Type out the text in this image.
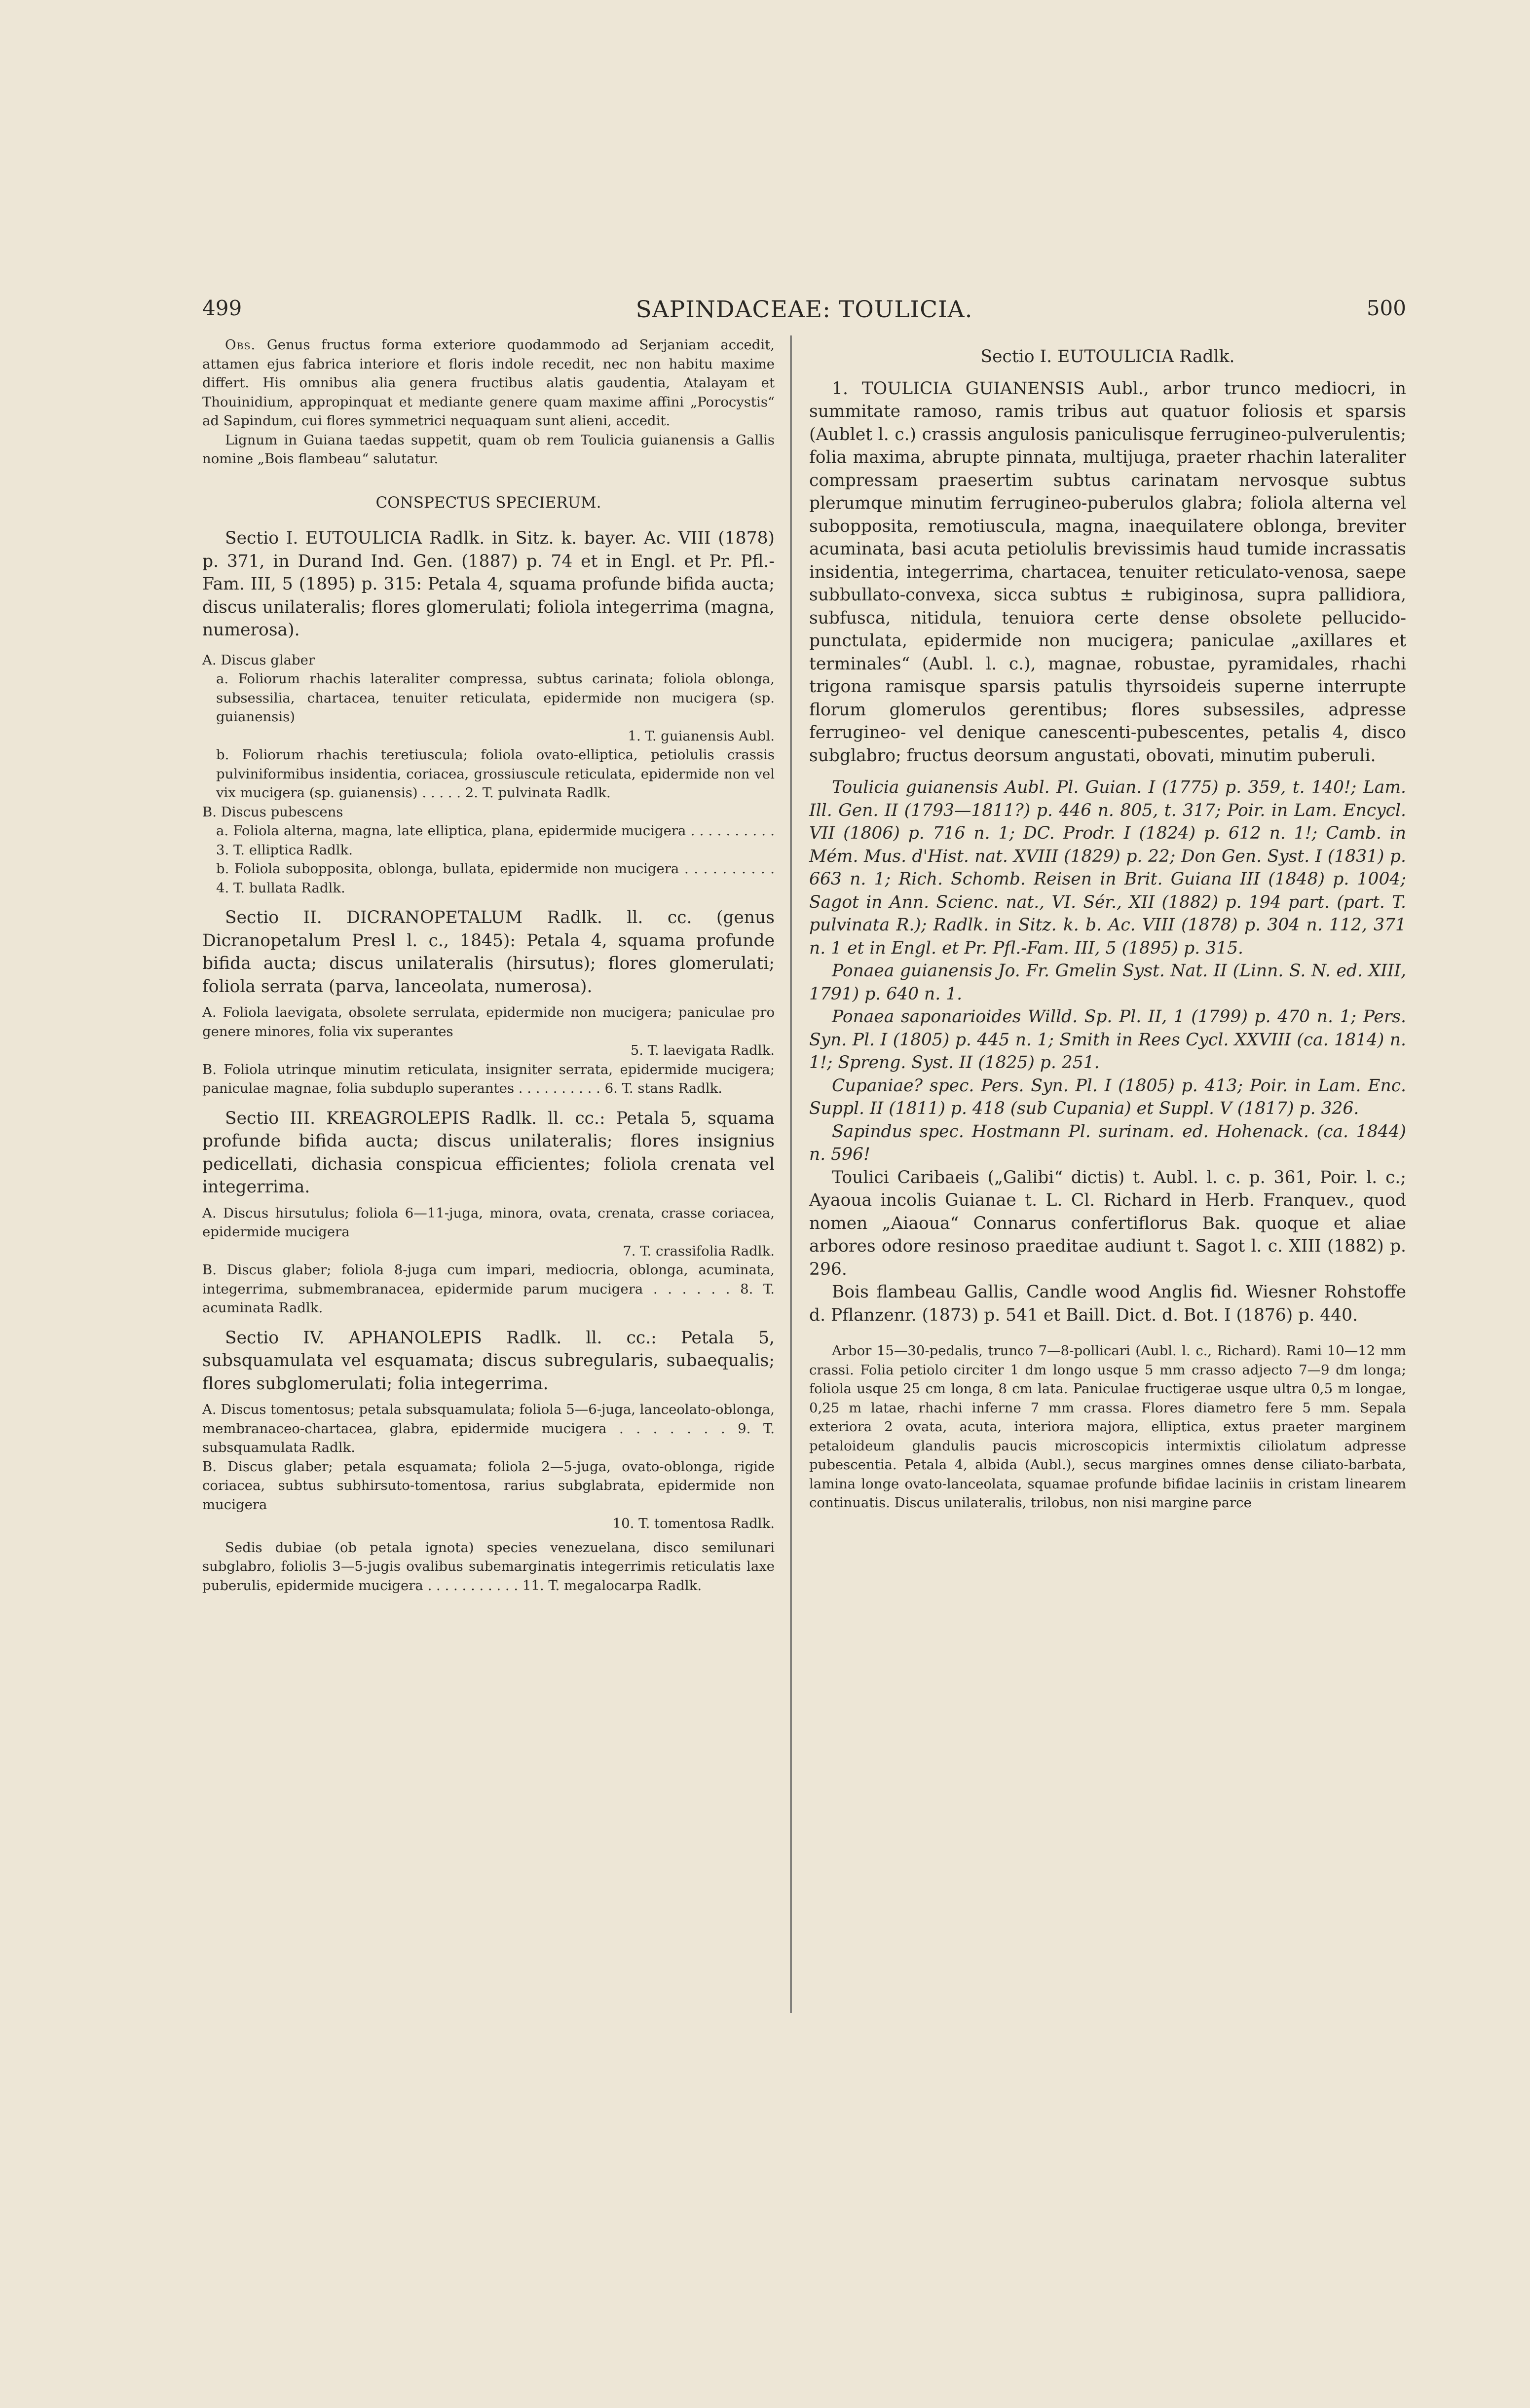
499	SAPINDACEAE: TOULICIA.	500

Obs. Genus fructus forma exteriore quodammodo ad Serjaniam accedit, attamen ejus fabrica interiore et floris indole recedit, nec non habitu maxime differt. His omnibus alia genera fructibus alatis gaudentia, Atalayam et Thouinidium, appropinquat et mediante genere quam maxime affini „Porocystis“ ad Sapindum, cui flores symmetrici nequaquam sunt alieni, accedit.

Lignum in Guiana taedas suppetit, quam ob rem Toulicia guianensis a Gallis nomine „Bois flambeau“ salutatur.

CONSPECTUS SPECIERUM.

Sectio I. EUTOULICIA Radlk. in Sitz. k. bayer. Ac. VIII (1878) p. 371, in Durand Ind. Gen. (1887) p. 74 et in Engl. et Pr. Pfl.-Fam. III, 5 (1895) p. 315: Petala 4, squama profunde bifida aucta; discus unilateralis; flores glomerulati; foliola integerrima (magna, numerosa).

A. Discus glaber

a. Foliorum rhachis lateraliter compressa, subtus carinata; foliola oblonga, subsessilia, chartacea, tenuiter reticulata, epidermide non mucigera (sp. guianensis)

1. T. guianensis Aubl.

b. Foliorum rhachis teretiuscula; foliola ovato-elliptica, petiolulis crassis pulviniformibus insidentia, coriacea, grossiuscule reticulata, epidermide non vel vix mucigera (sp. guianensis) . . . . . 2. T. pulvinata Radlk.

B. Discus pubescens

a. Foliola alterna, magna, late elliptica, plana, epidermide mucigera . . . . . . . . . . 3. T. elliptica Radlk.

b. Foliola subopposita, oblonga, bullata, epidermide non mucigera . . . . . . . . . . 4. T. bullata Radlk.

Sectio II. DICRANOPETALUM Radlk. ll. cc. (genus Dicranopetalum Presl l. c., 1845): Petala 4, squama profunde bifida aucta; discus unilateralis (hirsutus); flores glomerulati; foliola serrata (parva, lanceolata, numerosa).

A. Foliola laevigata, obsolete serrulata, epidermide non mucigera; paniculae pro genere minores, folia vix superantes

5. T. laevigata Radlk.

B. Foliola utrinque minutim reticulata, insigniter serrata, epidermide mucigera; paniculae magnae, folia subduplo superantes . . . . . . . . . . 6. T. stans Radlk.

Sectio III. KREAGROLEPIS Radlk. ll. cc.: Petala 5, squama profunde bifida aucta; discus unilateralis; flores insignius pedicellati, dichasia conspicua efficientes; foliola crenata vel integerrima.

A. Discus hirsutulus; foliola 6—11-juga, minora, ovata, crenata, crasse coriacea, epidermide mucigera

7. T. crassifolia Radlk.

B. Discus glaber; foliola 8-juga cum impari, mediocria, oblonga, acuminata, integerrima, submembranacea, epidermide parum mucigera . . . . . . 8. T. acuminata Radlk.

Sectio IV. APHANOLEPIS Radlk. ll. cc.: Petala 5, subsquamulata vel esquamata; discus subregularis, subaequalis; flores subglomerulati; folia integerrima.

A. Discus tomentosus; petala subsquamulata; foliola 5—6-juga, lanceolato-oblonga, membranaceo-chartacea, glabra, epidermide mucigera . . . . . . . 9. T. subsquamulata Radlk.

B. Discus glaber; petala esquamata; foliola 2—5-juga, ovato-oblonga, rigide coriacea, subtus subhirsuto-tomentosa, rarius subglabrata, epidermide non mucigera

10. T. tomentosa Radlk.

Sedis dubiae (ob petala ignota) species venezuelana, disco semilunari subglabro, foliolis 3—5-jugis ovalibus subemarginatis integerrimis reticulatis laxe puberulis, epidermide mucigera . . . . . . . . . . . 11. T. megalocarpa Radlk.

Sectio I. EUTOULICIA Radlk.

1. TOULICIA GUIANENSIS Aubl., arbor trunco mediocri, in summitate ramoso, ramis tribus aut quatuor foliosis et sparsis (Aublet l. c.) crassis angulosis paniculisque ferrugineo-pulverulentis; folia maxima, abrupte pinnata, multijuga, praeter rhachin lateraliter compressam praesertim subtus carinatam nervosque subtus plerumque minutim ferrugineo-puberulos glabra; foliola alterna vel subopposita, remotiuscula, magna, inaequilatere oblonga, breviter acuminata, basi acuta petiolulis brevissimis haud tumide incrassatis insidentia, integerrima, chartacea, tenuiter reticulato-venosa, saepe subbullato-convexa, sicca subtus ± rubiginosa, supra pallidiora, subfusca, nitidula, tenuiora certe dense obsolete pellucido-punctulata, epidermide non mucigera; paniculae „axillares et terminales“ (Aubl. l. c.), magnae, robustae, pyramidales, rhachi trigona ramisque sparsis patulis thyrsoideis superne interrupte florum glomerulos gerentibus; flores subsessiles, adpresse ferrugineo- vel denique canescenti-pubescentes, petalis 4, disco subglabro; fructus deorsum angustati, obovati, minutim puberuli.

Toulicia guianensis Aubl. Pl. Guian. I (1775) p. 359, t. 140!; Lam. Ill. Gen. II (1793—1811?) p. 446 n. 805, t. 317; Poir. in Lam. Encycl. VII (1806) p. 716 n. 1; DC. Prodr. I (1824) p. 612 n. 1!; Camb. in Mém. Mus. d'Hist. nat. XVIII (1829) p. 22; Don Gen. Syst. I (1831) p. 663 n. 1; Rich. Schomb. Reisen in Brit. Guiana III (1848) p. 1004; Sagot in Ann. Scienc. nat., VI. Sér., XII (1882) p. 194 part. (part. T. pulvinata R.); Radlk. in Sitz. k. b. Ac. VIII (1878) p. 304 n. 112, 371 n. 1 et in Engl. et Pr. Pfl.-Fam. III, 5 (1895) p. 315.

Ponaea guianensis Jo. Fr. Gmelin Syst. Nat. II (Linn. S. N. ed. XIII, 1791) p. 640 n. 1.

Ponaea saponarioides Willd. Sp. Pl. II, 1 (1799) p. 470 n. 1; Pers. Syn. Pl. I (1805) p. 445 n. 1; Smith in Rees Cycl. XXVIII (ca. 1814) n. 1!; Spreng. Syst. II (1825) p. 251.

Cupaniae? spec. Pers. Syn. Pl. I (1805) p. 413; Poir. in Lam. Enc. Suppl. II (1811) p. 418 (sub Cupania) et Suppl. V (1817) p. 326.

Sapindus spec. Hostmann Pl. surinam. ed. Hohenack. (ca. 1844) n. 596!

Toulici Caribaeis („Galibi“ dictis) t. Aubl. l. c. p. 361, Poir. l. c.; Ayaoua incolis Guianae t. L. Cl. Richard in Herb. Franquev., quod nomen „Aiaoua“ Connarus confertiflorus Bak. quoque et aliae arbores odore resinoso praeditae audiunt t. Sagot l. c. XIII (1882) p. 296.

Bois flambeau Gallis, Candle wood Anglis fid. Wiesner Rohstoffe d. Pflanzenr. (1873) p. 541 et Baill. Dict. d. Bot. I (1876) p. 440.

Arbor 15—30-pedalis, trunco 7—8-pollicari (Aubl. l. c., Richard). Rami 10—12 mm crassi. Folia petiolo circiter 1 dm longo usque 5 mm crasso adjecto 7—9 dm longa; foliola usque 25 cm longa, 8 cm lata. Paniculae fructigerae usque ultra 0,5 m longae, 0,25 m latae, rhachi inferne 7 mm crassa. Flores diametro fere 5 mm. Sepala exteriora 2 ovata, acuta, interiora majora, elliptica, extus praeter marginem petaloideum glandulis paucis microscopicis intermixtis ciliolatum adpresse pubescentia. Petala 4, albida (Aubl.), secus margines omnes dense ciliato-barbata, lamina longe ovato-lanceolata, squamae profunde bifidae laciniis in cristam linearem continuatis. Discus unilateralis, trilobus, non nisi margine parce
